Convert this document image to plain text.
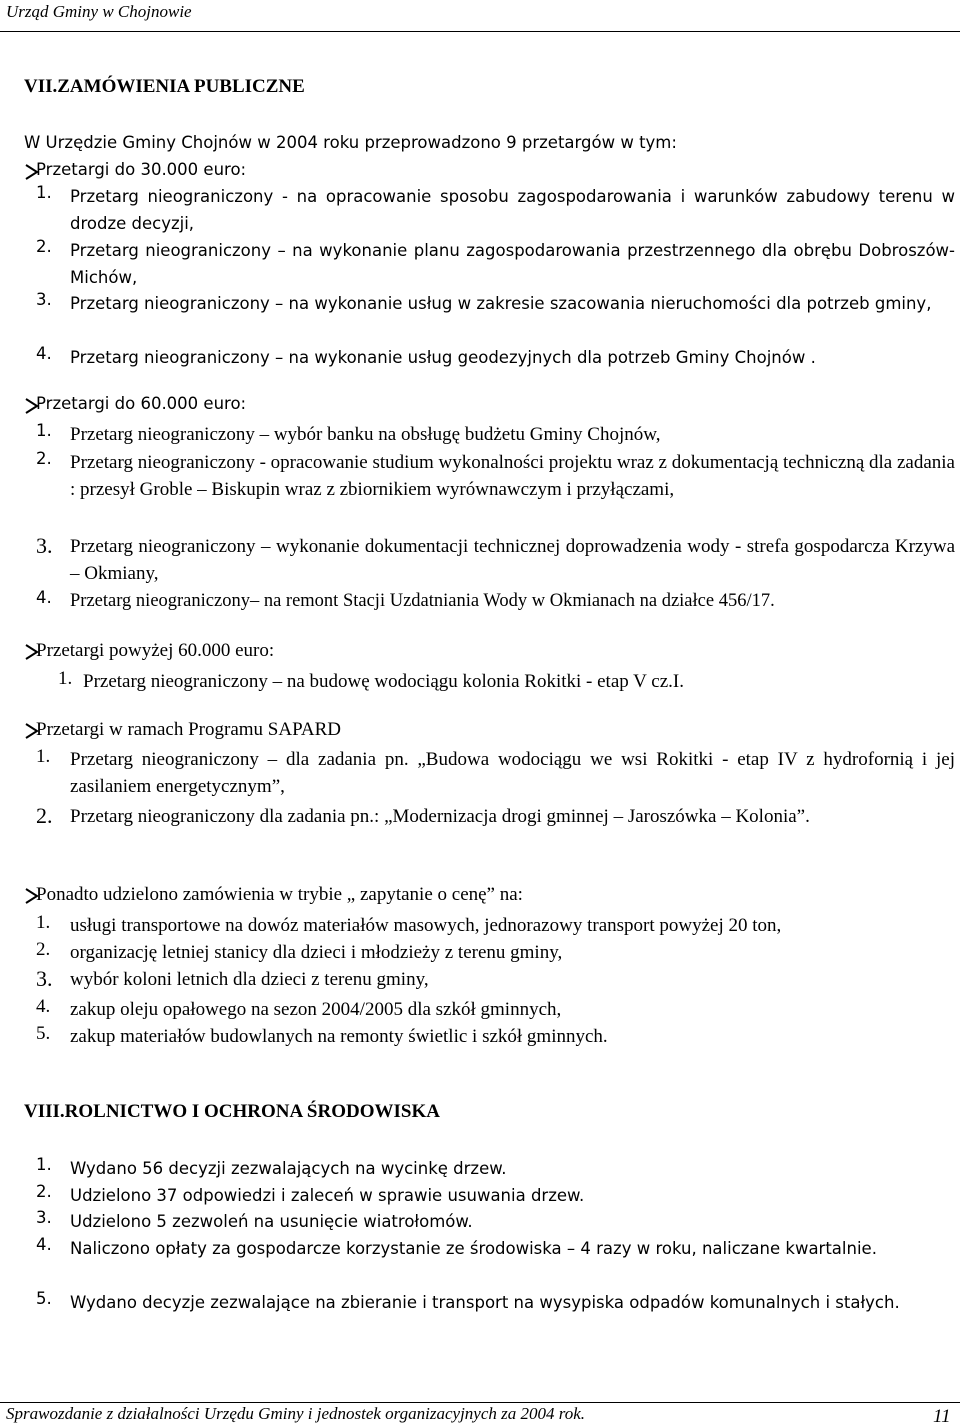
Urząd Gminy w Chojnowie
VII.ZAMÓWIENIA PUBLICZNE
W Urzędzie Gminy Chojnów w 2004 roku przeprowadzono 9 przetargów w tym:
Przetargi do 30.000 euro:
1. Przetarg nieograniczony - na opracowanie sposobu zagospodarowania i warunków zabudowy terenu w drodze decyzji,
2. Przetarg nieograniczony – na wykonanie planu zagospodarowania przestrzennego dla obrębu Dobroszów- Michów,
3. Przetarg nieograniczony – na wykonanie usług w zakresie szacowania nieruchomości dla potrzeb gminy,
4. Przetarg nieograniczony – na wykonanie usług geodezyjnych dla potrzeb Gminy Chojnów .
Przetargi do 60.000 euro:
1. Przetarg nieograniczony – wybór banku na obsługę budżetu Gminy Chojnów,
2. Przetarg nieograniczony - opracowanie studium wykonalności projektu wraz z dokumentacją techniczną dla zadania : przesył Groble – Biskupin wraz z zbiornikiem wyrównawczym i przyłączami,
3. Przetarg nieograniczony – wykonanie dokumentacji technicznej doprowadzenia wody - strefa gospodarcza Krzywa – Okmiany,
4. Przetarg nieograniczony– na remont Stacji Uzdatniania Wody w Okmianach na działce 456/17.
Przetargi powyżej 60.000 euro:
1. Przetarg nieograniczony – na budowę wodociągu kolonia Rokitki - etap V cz.I.
Przetargi w ramach Programu SAPARD
1. Przetarg nieograniczony – dla zadania pn. „Budowa wodociągu we wsi Rokitki - etap IV z hydrofornią i jej zasilaniem energetycznym”,
2. Przetarg nieograniczony dla zadania pn.: „Modernizacja drogi gminnej – Jaroszówka – Kolonia”.
Ponadto udzielono zamówienia w trybie „ zapytanie o cenę” na:
1. usługi transportowe na dowóz materiałów masowych, jednorazowy transport powyżej 20 ton,
2. organizację letniej stanicy dla dzieci i młodzieży z terenu gminy,
3. wybór koloni letnich dla dzieci z terenu gminy,
4. zakup oleju opałowego na sezon 2004/2005 dla szkół gminnych,
5. zakup materiałów budowlanych na remonty świetlic i szkół gminnych.
VIII.ROLNICTWO I OCHRONA ŚRODOWISKA
1. Wydano 56 decyzji zezwalających na wycinkę drzew.
2. Udzielono 37 odpowiedzi i zaleceń w sprawie usuwania drzew.
3. Udzielono 5 zezwoleń na usunięcie wiatrołomów.
4. Naliczono opłaty za gospodarcze korzystanie ze środowiska – 4 razy w roku, naliczane kwartalnie.
5. Wydano decyzje zezwalające na zbieranie i transport na wysypiska odpadów komunalnych i stałych.
Sprawozdanie z działalności Urzędu Gminy i jednostek organizacyjnych za 2004 rok.	11
